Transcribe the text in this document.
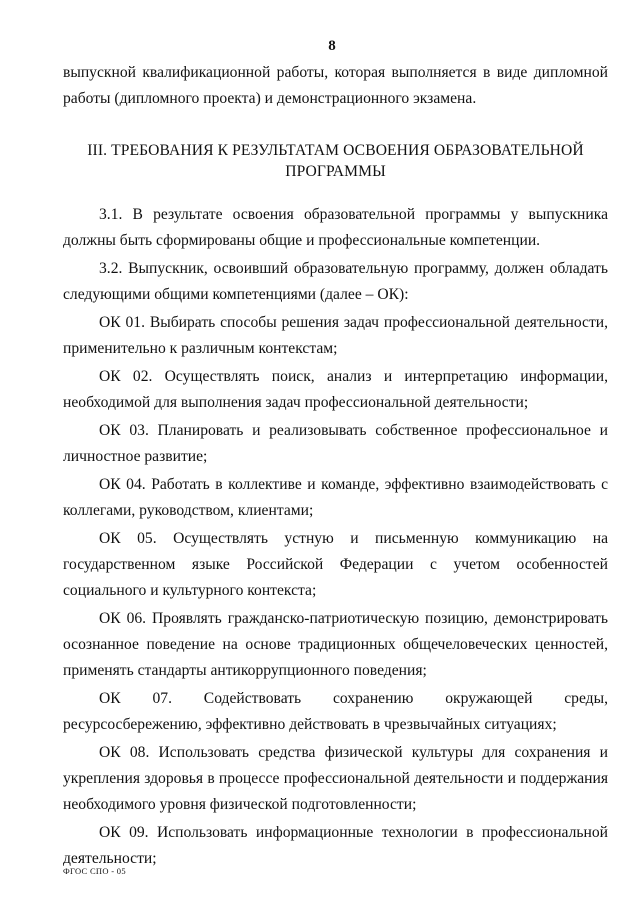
8

выпускной квалификационной работы, которая выполняется в виде дипломной работы (дипломного проекта) и демонстрационного экзамена.

III. ТРЕБОВАНИЯ К РЕЗУЛЬТАТАМ ОСВОЕНИЯ ОБРАЗОВАТЕЛЬНОЙ
ПРОГРАММЫ

3.1. В результате освоения образовательной программы у выпускника должны быть сформированы общие и профессиональные компетенции.

3.2. Выпускник, освоивший образовательную программу, должен обладать следующими общими компетенциями (далее – ОК):

ОК 01. Выбирать способы решения задач профессиональной деятельности, применительно к различным контекстам;

ОК 02. Осуществлять поиск, анализ и интерпретацию информации, необходимой для выполнения задач профессиональной деятельности;

ОК 03. Планировать и реализовывать собственное профессиональное и личностное развитие;

ОК 04. Работать в коллективе и команде, эффективно взаимодействовать с коллегами, руководством, клиентами;

ОК 05. Осуществлять устную и письменную коммуникацию на государственном языке Российской Федерации с учетом особенностей социального и культурного контекста;

ОК 06. Проявлять гражданско-патриотическую позицию, демонстрировать осознанное поведение на основе традиционных общечеловеческих ценностей, применять стандарты антикоррупционного поведения;

ОК 07. Содействовать сохранению окружающей среды, ресурсосбережению, эффективно действовать в чрезвычайных ситуациях;

ОК 08. Использовать средства физической культуры для сохранения и укрепления здоровья в процессе профессиональной деятельности и поддержания необходимого уровня физической подготовленности;

ОК 09. Использовать информационные технологии в профессиональной деятельности;

ФГОС СПО - 05
